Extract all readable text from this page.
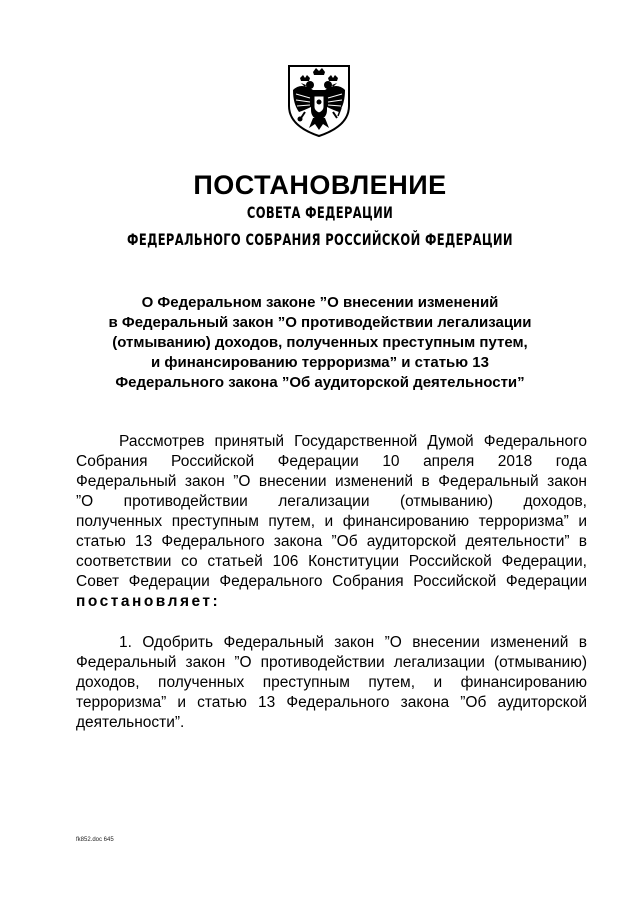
ПОСТАНОВЛЕНИЕ
СОВЕТА ФЕДЕРАЦИИ
ФЕДЕРАЛЬНОГО СОБРАНИЯ РОССИЙСКОЙ ФЕДЕРАЦИИ
О Федеральном законе ”О внесении изменений
в Федеральный закон ”О противодействии легализации
(отмыванию) доходов, полученных преступным путем,
и финансированию терроризма” и статью 13
Федерального закона ”Об аудиторской деятельности”
Рассмотрев принятый Государственной Думой Федерального
Собрания Российской Федерации 10 апреля 2018 года
Федеральный закон ”О внесении изменений в Федеральный закон
”О противодействии легализации (отмыванию) доходов,
полученных преступным путем, и финансированию терроризма” и
статью 13 Федерального закона ”Об аудиторской деятельности” в
соответствии со статьей 106 Конституции Российской Федерации,
Совет Федерации Федерального Собрания Российской Федерации
постановляет:
1. Одобрить Федеральный закон ”О внесении изменений в
Федеральный закон ”О противодействии легализации (отмыванию)
доходов, полученных преступным путем, и финансированию
терроризма” и статью 13 Федерального закона ”Об аудиторской
деятельности”.
fk852.doc 645
